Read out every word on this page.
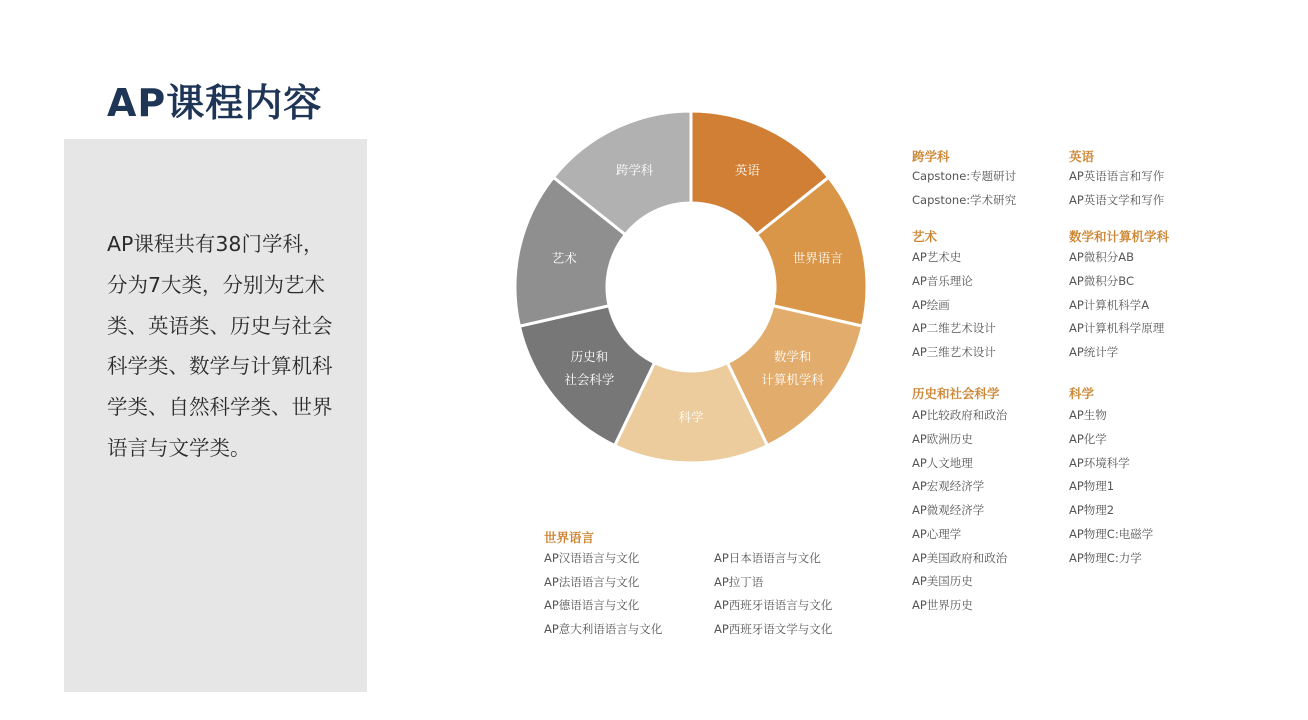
AP课程内容
AP课程共有38门学科，分为7大类，分别为艺术类、英语类、历史与社会科学类、数学与计算机科学类、自然科学类、世界语言与文学类。
英语
世界语言
数学和计算机学科
科学
历史和社会科学
艺术
跨学科
跨学科
Capstone:专题研讨
Capstone:学术研究
艺术
AP艺术史
AP音乐理论
AP绘画
AP二维艺术设计
AP三维艺术设计
历史和社会科学
AP比较政府和政治
AP欧洲历史
AP人文地理
AP宏观经济学
AP微观经济学
AP心理学
AP美国政府和政治
AP美国历史
AP世界历史
英语
AP英语语言和写作
AP英语文学和写作
数学和计算机学科
AP微积分AB
AP微积分BC
AP计算机科学A
AP计算机科学原理
AP统计学
科学
AP生物
AP化学
AP环境科学
AP物理1
AP物理2
AP物理C:电磁学
AP物理C:力学
世界语言
AP汉语语言与文化	AP日本语语言与文化
AP法语语言与文化	AP拉丁语
AP德语语言与文化	AP西班牙语语言与文化
AP意大利语语言与文化	AP西班牙语文学与文化
